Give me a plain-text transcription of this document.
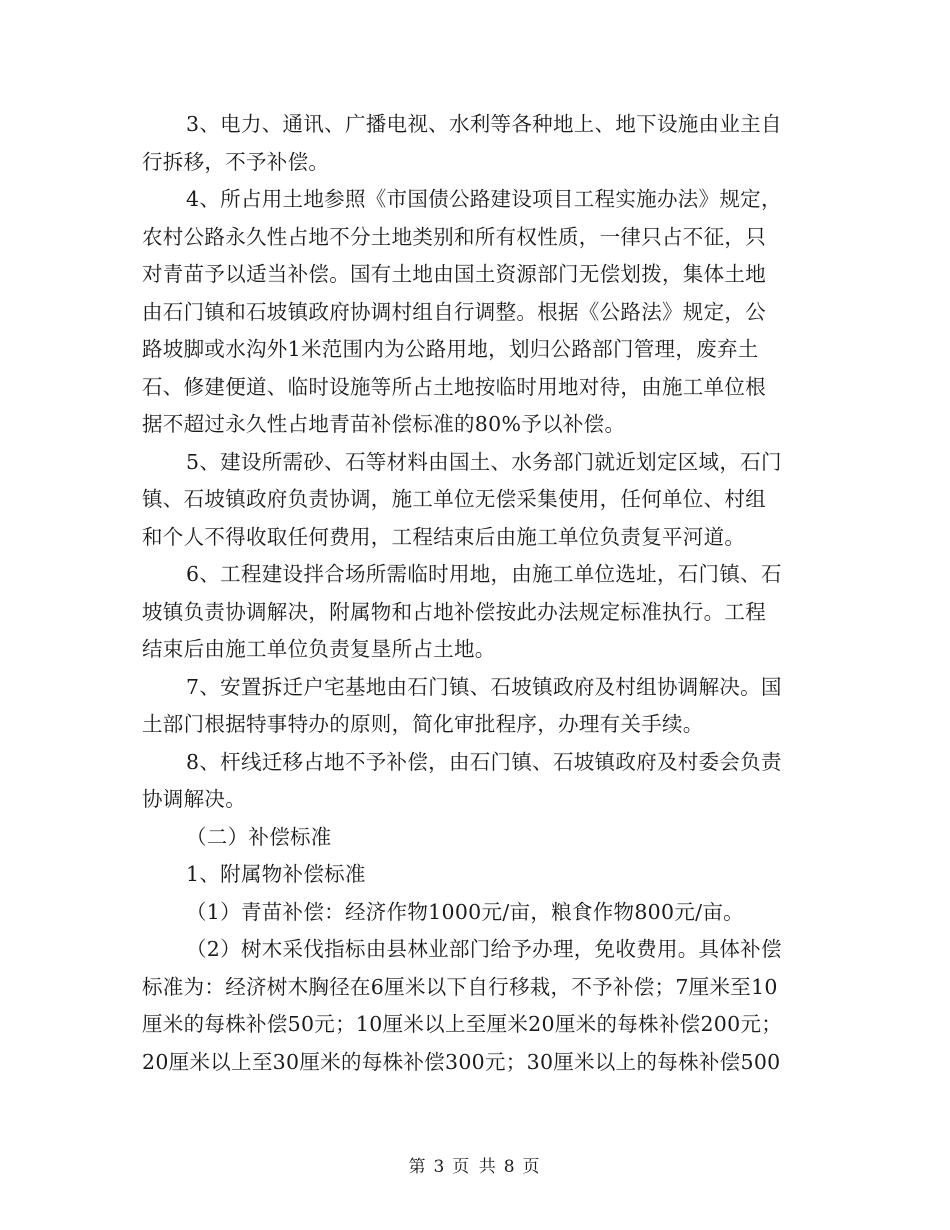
3、电力、通讯、广播电视、水利等各种地上、地下设施由业主自
行拆移，不予补偿。
4、所占用土地参照《市国债公路建设项目工程实施办法》规定，
农村公路永久性占地不分土地类别和所有权性质，一律只占不征，只
对青苗予以适当补偿。国有土地由国土资源部门无偿划拨，集体土地
由石门镇和石坡镇政府协调村组自行调整。根据《公路法》规定，公
路坡脚或水沟外1米范围内为公路用地，划归公路部门管理，废弃土
石、修建便道、临时设施等所占土地按临时用地对待，由施工单位根
据不超过永久性占地青苗补偿标准的80%予以补偿。
5、建设所需砂、石等材料由国土、水务部门就近划定区域，石门
镇、石坡镇政府负责协调，施工单位无偿采集使用，任何单位、村组
和个人不得收取任何费用，工程结束后由施工单位负责复平河道。
6、工程建设拌合场所需临时用地，由施工单位选址，石门镇、石
坡镇负责协调解决，附属物和占地补偿按此办法规定标准执行。工程
结束后由施工单位负责复垦所占土地。
7、安置拆迁户宅基地由石门镇、石坡镇政府及村组协调解决。国
土部门根据特事特办的原则，简化审批程序，办理有关手续。
8、杆线迁移占地不予补偿，由石门镇、石坡镇政府及村委会负责
协调解决。
（二）补偿标准
1、附属物补偿标准
（1）青苗补偿：经济作物1000元/亩，粮食作物800元/亩。
（2）树木采伐指标由县林业部门给予办理，免收费用。具体补偿
标准为：经济树木胸径在6厘米以下自行移栽，不予补偿；7厘米至10
厘米的每株补偿50元；10厘米以上至厘米20厘米的每株补偿200元；
20厘米以上至30厘米的每株补偿300元；30厘米以上的每株补偿500
第 3 页 共 8 页
